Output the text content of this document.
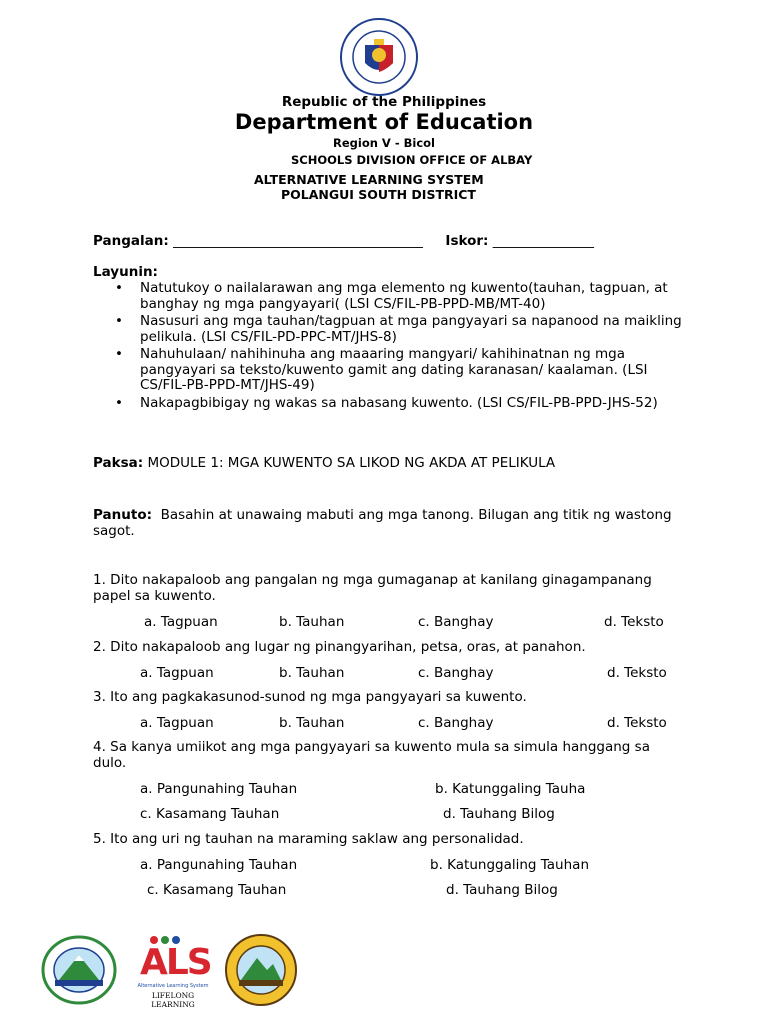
Republic of the Philippines
Department of Education
Region V - Bicol
SCHOOLS DIVISION OFFICE OF ALBAY
ALTERNATIVE LEARNING SYSTEM
POLANGUI SOUTH DISTRICT
Pangalan: _____________________________________ Iskor: _______________
Layunin:
• Natutukoy o nailalarawan ang mga elemento ng kuwento(tauhan, tagpuan, at banghay ng mga pangyayari( (LSI CS/FIL-PB-PPD-MB/MT-40)
• Nasusuri ang mga tauhan/tagpuan at mga pangyayari sa napanood na maikling pelikula. (LSI CS/FIL-PD-PPC-MT/JHS-8)
• Nahuhulaan/ nahihinuha ang maaaring mangyari/ kahihinatnan ng mga pangyayari sa teksto/kuwento gamit ang dating karanasan/ kaalaman. (LSI CS/FIL-PB-PPD-MT/JHS-49)
• Nakapagbibigay ng wakas sa nabasang kuwento. (LSI CS/FIL-PB-PPD-JHS-52)
Paksa: MODULE 1: MGA KUWENTO SA LIKOD NG AKDA AT PELIKULA
Panuto: Basahin at unawaing mabuti ang mga tanong. Bilugan ang titik ng wastong sagot.
1. Dito nakapaloob ang pangalan ng mga gumaganap at kanilang ginagampanang papel sa kuwento.
a. Tagpuan	b. Tauhan	c. Banghay	d. Teksto
2. Dito nakapaloob ang lugar ng pinangyarihan, petsa, oras, at panahon.
a. Tagpuan	b. Tauhan	c. Banghay	d. Teksto
3. Ito ang pagkakasunod-sunod ng mga pangyayari sa kuwento.
a. Tagpuan	b. Tauhan	c. Banghay	d. Teksto
4. Sa kanya umiikot ang mga pangyayari sa kuwento mula sa simula hanggang sa dulo.
a. Pangunahing Tauhan	b. Katunggaling Tauha
c. Kasamang Tauhan	d. Tauhang Bilog
5. Ito ang uri ng tauhan na maraming saklaw ang personalidad.
a. Pangunahing Tauhan	b. Katunggaling Tauhan
c. Kasamang Tauhan	d. Tauhang Bilog
ALS
Alternative Learning System
LIFELONG LEARNING
